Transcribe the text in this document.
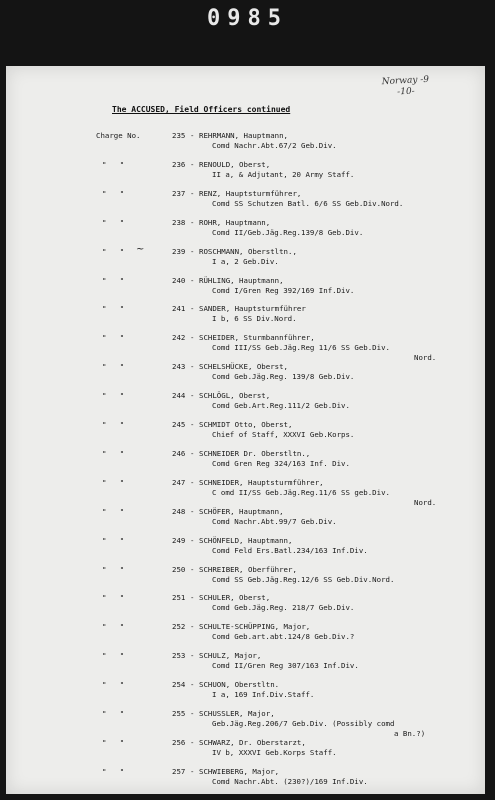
0985
Norway -9
-10-
The ACCUSED, Field Officers continued
Charge No.	235 - REHRMANN, Hauptmann,
Comd Nachr.Abt.67/2 Geb.Div.
"   "	236 - RENOULD, Oberst,
II a, & Adjutant, 20 Army Staff.
"   "	237 - RENZ, Hauptsturmführer,
Comd SS Schutzen Batl. 6/6 SS Geb.Div.Nord.
"   "	238 - ROHR, Hauptmann,
Comd II/Geb.Jäg.Reg.139/8 Geb.Div.
"   "	239 - ROSCHMANN, Oberstltn.,
I a, 2 Geb.Div.
~
"   "	240 - RÜHLING, Hauptmann,
Comd I/Gren Reg 392/169 Inf.Div.
"   "	241 - SANDER, Hauptsturmführer
I b, 6 SS Div.Nord.
"   "	242 - SCHEIDER, Sturmbannführer,
Comd III/SS Geb.Jäg.Reg 11/6 SS Geb.Div.
Nord.
"   "	243 - SCHELSHÜCKE, Oberst,
Comd Geb.Jäg.Reg. 139/8 Geb.Div.
"   "	244 - SCHLÖGL, Oberst,
Comd Geb.Art.Reg.111/2 Geb.Div.
"   "	245 - SCHMIDT Otto, Oberst,
Chief of Staff, XXXVI Geb.Korps.
"   "	246 - SCHNEIDER Dr. Oberstltn.,
Comd Gren Reg 324/163 Inf. Div.
"   "	247 - SCHNEIDER, Hauptsturmführer,
C omd II/SS Geb.Jäg.Reg.11/6 SS geb.Div.
Nord.
"   "	248 - SCHÖFER, Hauptmann,
Comd Nachr.Abt.99/7 Geb.Div.
"   "	249 - SCHÖNFELD, Hauptmann,
Comd Feld Ers.Batl.234/163 Inf.Div.
"   "	250 - SCHREIBER, Oberführer,
Comd SS Geb.Jäg.Reg.12/6 SS Geb.Div.Nord.
"   "	251 - SCHULER, Oberst,
Comd Geb.Jäg.Reg. 218/7 Geb.Div.
"   "	252 - SCHULTE-SCHÜPPING, Major,
Comd Geb.art.abt.124/8 Geb.Div.?
"   "	253 - SCHULZ, Major,
Comd II/Gren Reg 307/163 Inf.Div.
"   "	254 - SCHUON, Oberstltn.
I a, 169 Inf.Div.Staff.
"   "	255 - SCHUSSLER, Major,
Geb.Jäg.Reg.206/7 Geb.Div. (Possibly comd
a Bn.?)
"   "	256 - SCHWARZ, Dr. Oberstarzt,
IV b, XXXVI Geb.Korps Staff.
"   "	257 - SCHWIEBERG, Major,
Comd Nachr.Abt. (230?)/169 Inf.Div.
